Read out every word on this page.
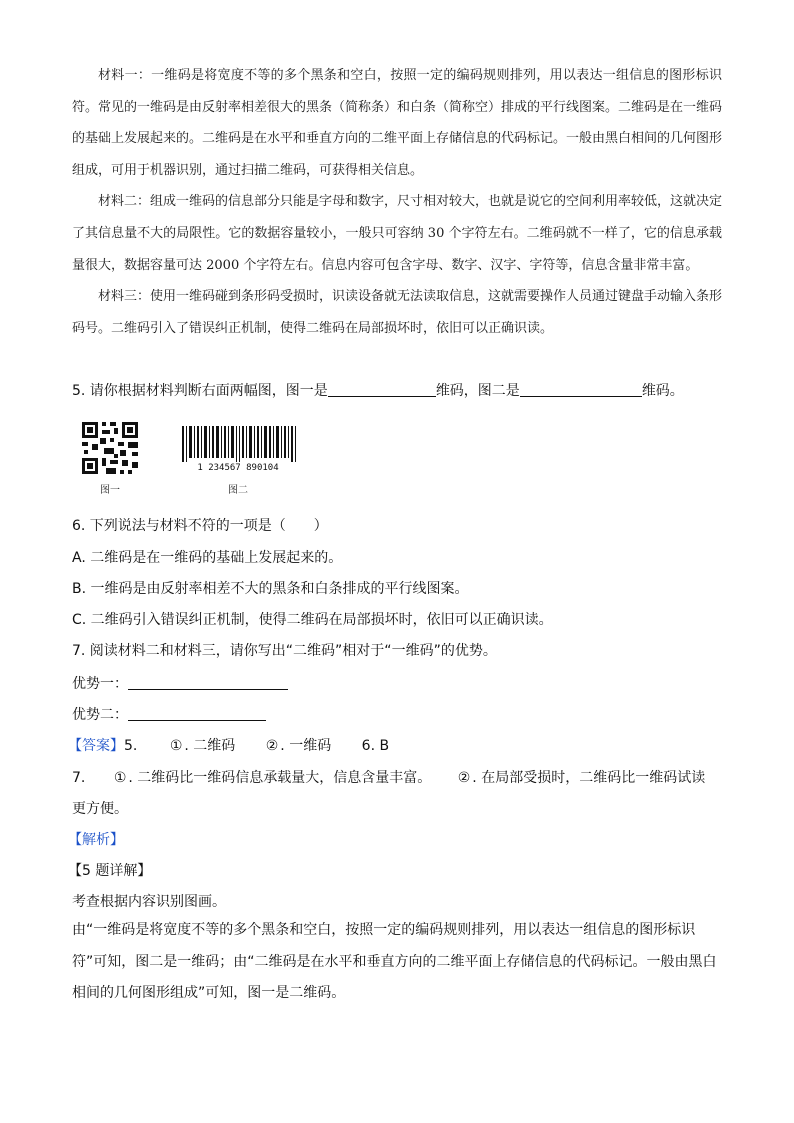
材料一：一维码是将宽度不等的多个黑条和空白，按照一定的编码规则排列，用以表达一组信息的图形标识符。常见的一维码是由反射率相差很大的黑条（简称条）和白条（简称空）排成的平行线图案。二维码是在一维码的基础上发展起来的。二维码是在水平和垂直方向的二维平面上存储信息的代码标记。一般由黑白相间的几何图形组成，可用于机器识别，通过扫描二维码，可获得相关信息。

材料二：组成一维码的信息部分只能是字母和数字，尺寸相对较大，也就是说它的空间利用率较低，这就决定了其信息量不大的局限性。它的数据容量较小，一般只可容纳 30 个字符左右。二维码就不一样了，它的信息承载量很大，数据容量可达 2000 个字符左右。信息内容可包含字母、数字、汉字、字符等，信息含量非常丰富。

材料三：使用一维码碰到条形码受损时，识读设备就无法读取信息，这就需要操作人员通过键盘手动输入条形码号。二维码引入了错误纠正机制，使得二维码在局部损坏时，依旧可以正确识读。

5. 请你根据材料判断右面两幅图，图一是	维码，图二是	维码。
图一
1 234567 890104
图二
6. 下列说法与材料不符的一项是（　　）
A. 二维码是在一维码的基础上发展起来的。
B. 一维码是由反射率相差不大的黑条和白条排成的平行线图案。
C. 二维码引入错误纠正机制，使得二维码在局部损坏时，依旧可以正确识读。
7. 阅读材料二和材料三，请你写出“二维码”相对于“一维码”的优势。
优势一：
优势二：
【答案】5. ① . 二维码 ② . 一维码 6. B
7. ① . 二维码比一维码信息承载量大，信息含量丰富。 ② . 在局部受损时，二维码比一维码试读
更方便。
【解析】
【5 题详解】
考查根据内容识别图画。
由“一维码是将宽度不等的多个黑条和空白，按照一定的编码规则排列，用以表达一组信息的图形标识符”可知，图二是一维码；由“二维码是在水平和垂直方向的二维平面上存储信息的代码标记。一般由黑白相间的几何图形组成”可知，图一是二维码。
